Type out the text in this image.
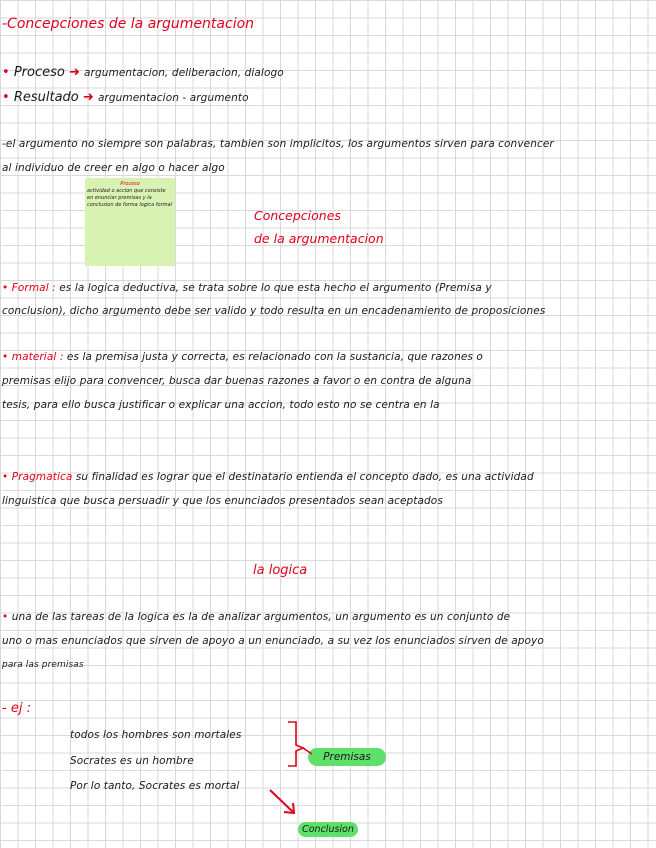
-Concepciones de la argumentacion

• Proceso ➜ argumentacion, deliberacion, dialogo
• Resultado ➜ argumentacion - argumento

-el argumento no siempre son palabras, tambien son implicitos, los argumentos sirven para convencer

al individuo de creer en algo o hacer algo

Proceso
actividad o accion que consiste en enunciar premisas y la conclusion de forma logica formal

Concepciones

de la argumentacion

• Formal : es la logica deductiva, se trata sobre lo que esta hecho el argumento (Premisa y

conclusion), dicho argumento debe ser valido y todo resulta en un encadenamiento de proposiciones

• material : es la premisa justa y correcta, es relacionado con la sustancia, que razones o

premisas elijo para convencer, busca dar buenas razones a favor o en contra de alguna

tesis, para ello busca justificar o explicar una accion, todo esto no se centra en la

• Pragmatica su finalidad es lograr que el destinatario entienda el concepto dado, es una actividad

linguistica que busca persuadir y que los enunciados presentados sean aceptados

la logica

• una de las tareas de la logica es la de analizar argumentos, un argumento es un conjunto de

uno o mas enunciados que sirven de apoyo a un enunciado, a su vez los enunciados sirven de apoyo

para las premisas

- ej :

todos los hombres son mortales

Socrates es un hombre

Por lo tanto, Socrates es mortal

Premisas
Conclusion
